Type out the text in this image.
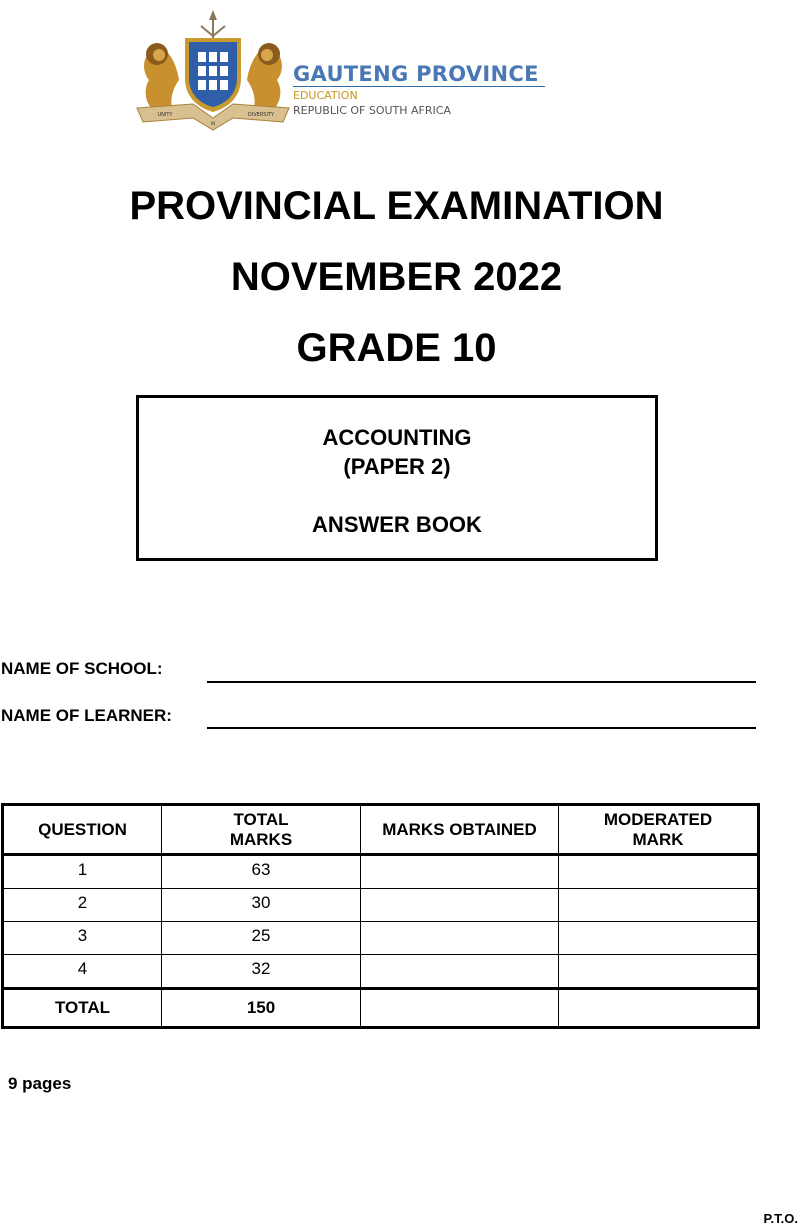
UNITY
IN
DIVERSITY
GAUTENG PROVINCE
EDUCATION
REPUBLIC OF SOUTH AFRICA
PROVINCIAL EXAMINATION
NOVEMBER 2022
GRADE 10
ACCOUNTING
(PAPER 2)
ANSWER BOOK
NAME OF SCHOOL:
NAME OF LEARNER:
QUESTION	TOTAL MARKS	MARKS OBTAINED	MODERATED MARK
1	63		
2	30		
3	25		
4	32		
TOTAL	150		
9 pages
P.T.O.
